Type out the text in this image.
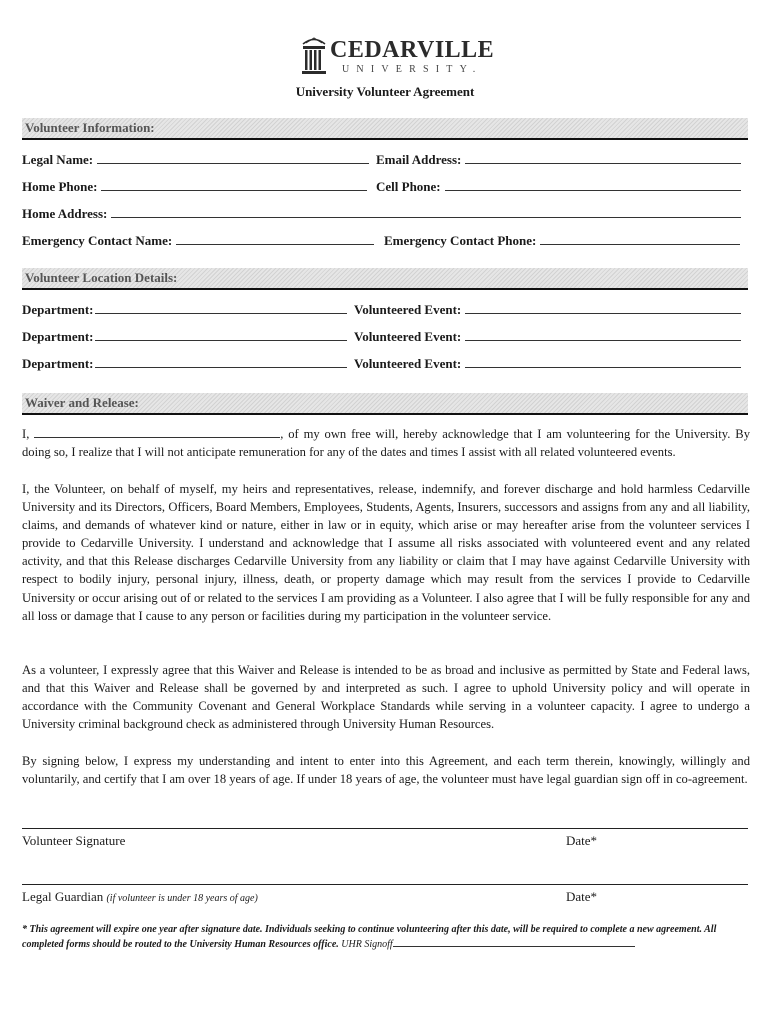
CEDARVILLE
UNIVERSITY.
University Volunteer Agreement
Volunteer Information:
Legal Name:	Email Address:
Home Phone:	Cell Phone:
Home Address:
Emergency Contact Name:	Emergency Contact Phone:
Volunteer Location Details:
Department:	Volunteered Event:
Department:	Volunteered Event:
Department:	Volunteered Event:
Waiver and Release:

I,	, of my own free will, hereby acknowledge that I am volunteering for the University. By doing so, I realize that I will not anticipate remuneration for any of the dates and times I assist with all related volunteered events.

I, the Volunteer, on behalf of myself, my heirs and representatives, release, indemnify, and forever discharge and hold harmless Cedarville University and its Directors, Officers, Board Members, Employees, Students, Agents, Insurers, successors and assigns from any and all liability, claims, and demands of whatever kind or nature, either in law or in equity, which arise or may hereafter arise from the volunteer services I provide to Cedarville University. I understand and acknowledge that I assume all risks associated with volunteered event and any related activity, and that this Release discharges Cedarville University from any liability or claim that I may have against Cedarville University with respect to bodily injury, personal injury, illness, death, or property damage which may result from the services I provide to Cedarville University or occur arising out of or related to the services I am providing as a Volunteer. I also agree that I will be fully responsible for any and all loss or damage that I cause to any person or facilities during my participation in the volunteer service.

As a volunteer, I expressly agree that this Waiver and Release is intended to be as broad and inclusive as permitted by State and Federal laws, and that this Waiver and Release shall be governed by and interpreted as such. I agree to uphold University policy and will operate in accordance with the Community Covenant and General Workplace Standards while serving in a volunteer capacity. I agree to undergo a University criminal background check as administered through University Human Resources.

By signing below, I express my understanding and intent to enter into this Agreement, and each term therein, knowingly, willingly and voluntarily, and certify that I am over 18 years of age. If under 18 years of age, the volunteer must have legal guardian sign off in co-agreement.

Volunteer Signature	Date*
Legal Guardian (if volunteer is under 18 years of age)	Date*

* This agreement will expire one year after signature date. Individuals seeking to continue volunteering after this date, will be required to complete a new agreement. All completed forms should be routed to the University Human Resources office. UHR Signoff
